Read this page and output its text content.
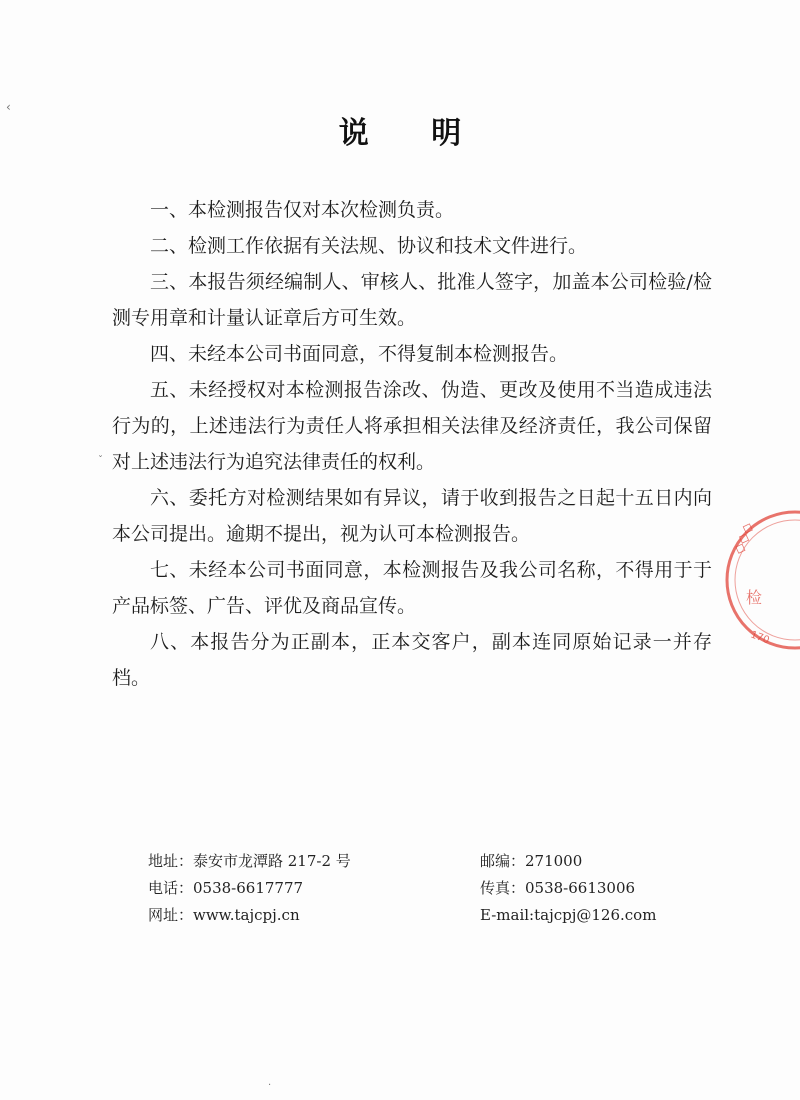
说 明

一、本检测报告仅对本次检测负责。

二、检测工作依据有关法规、协议和技术文件进行。

三、本报告须经编制人、审核人、批准人签字，加盖本公司检验/检测专用章和计量认证章后方可生效。

四、未经本公司书面同意，不得复制本检测报告。

五、未经授权对本检测报告涂改、伪造、更改及使用不当造成违法行为的，上述违法行为责任人将承担相关法律及经济责任，我公司保留对上述违法行为追究法律责任的权利。

六、委托方对检测结果如有异议，请于收到报告之日起十五日内向本公司提出。逾期不提出，视为认可本检测报告。

七、未经本公司书面同意，本检测报告及我公司名称，不得用于于产品标签、广告、评优及商品宣传。

八、本报告分为正副本，正本交客户，副本连同原始记录一并存档。

地址：泰安市龙潭路 217-2 号	邮编：271000
电话：0538-6617777	传真：0538-6613006
网址：www.tajcpj.cn	E-mail:tajcpj@126.com
◇◇◇
检
170
‹
ˇ
·
